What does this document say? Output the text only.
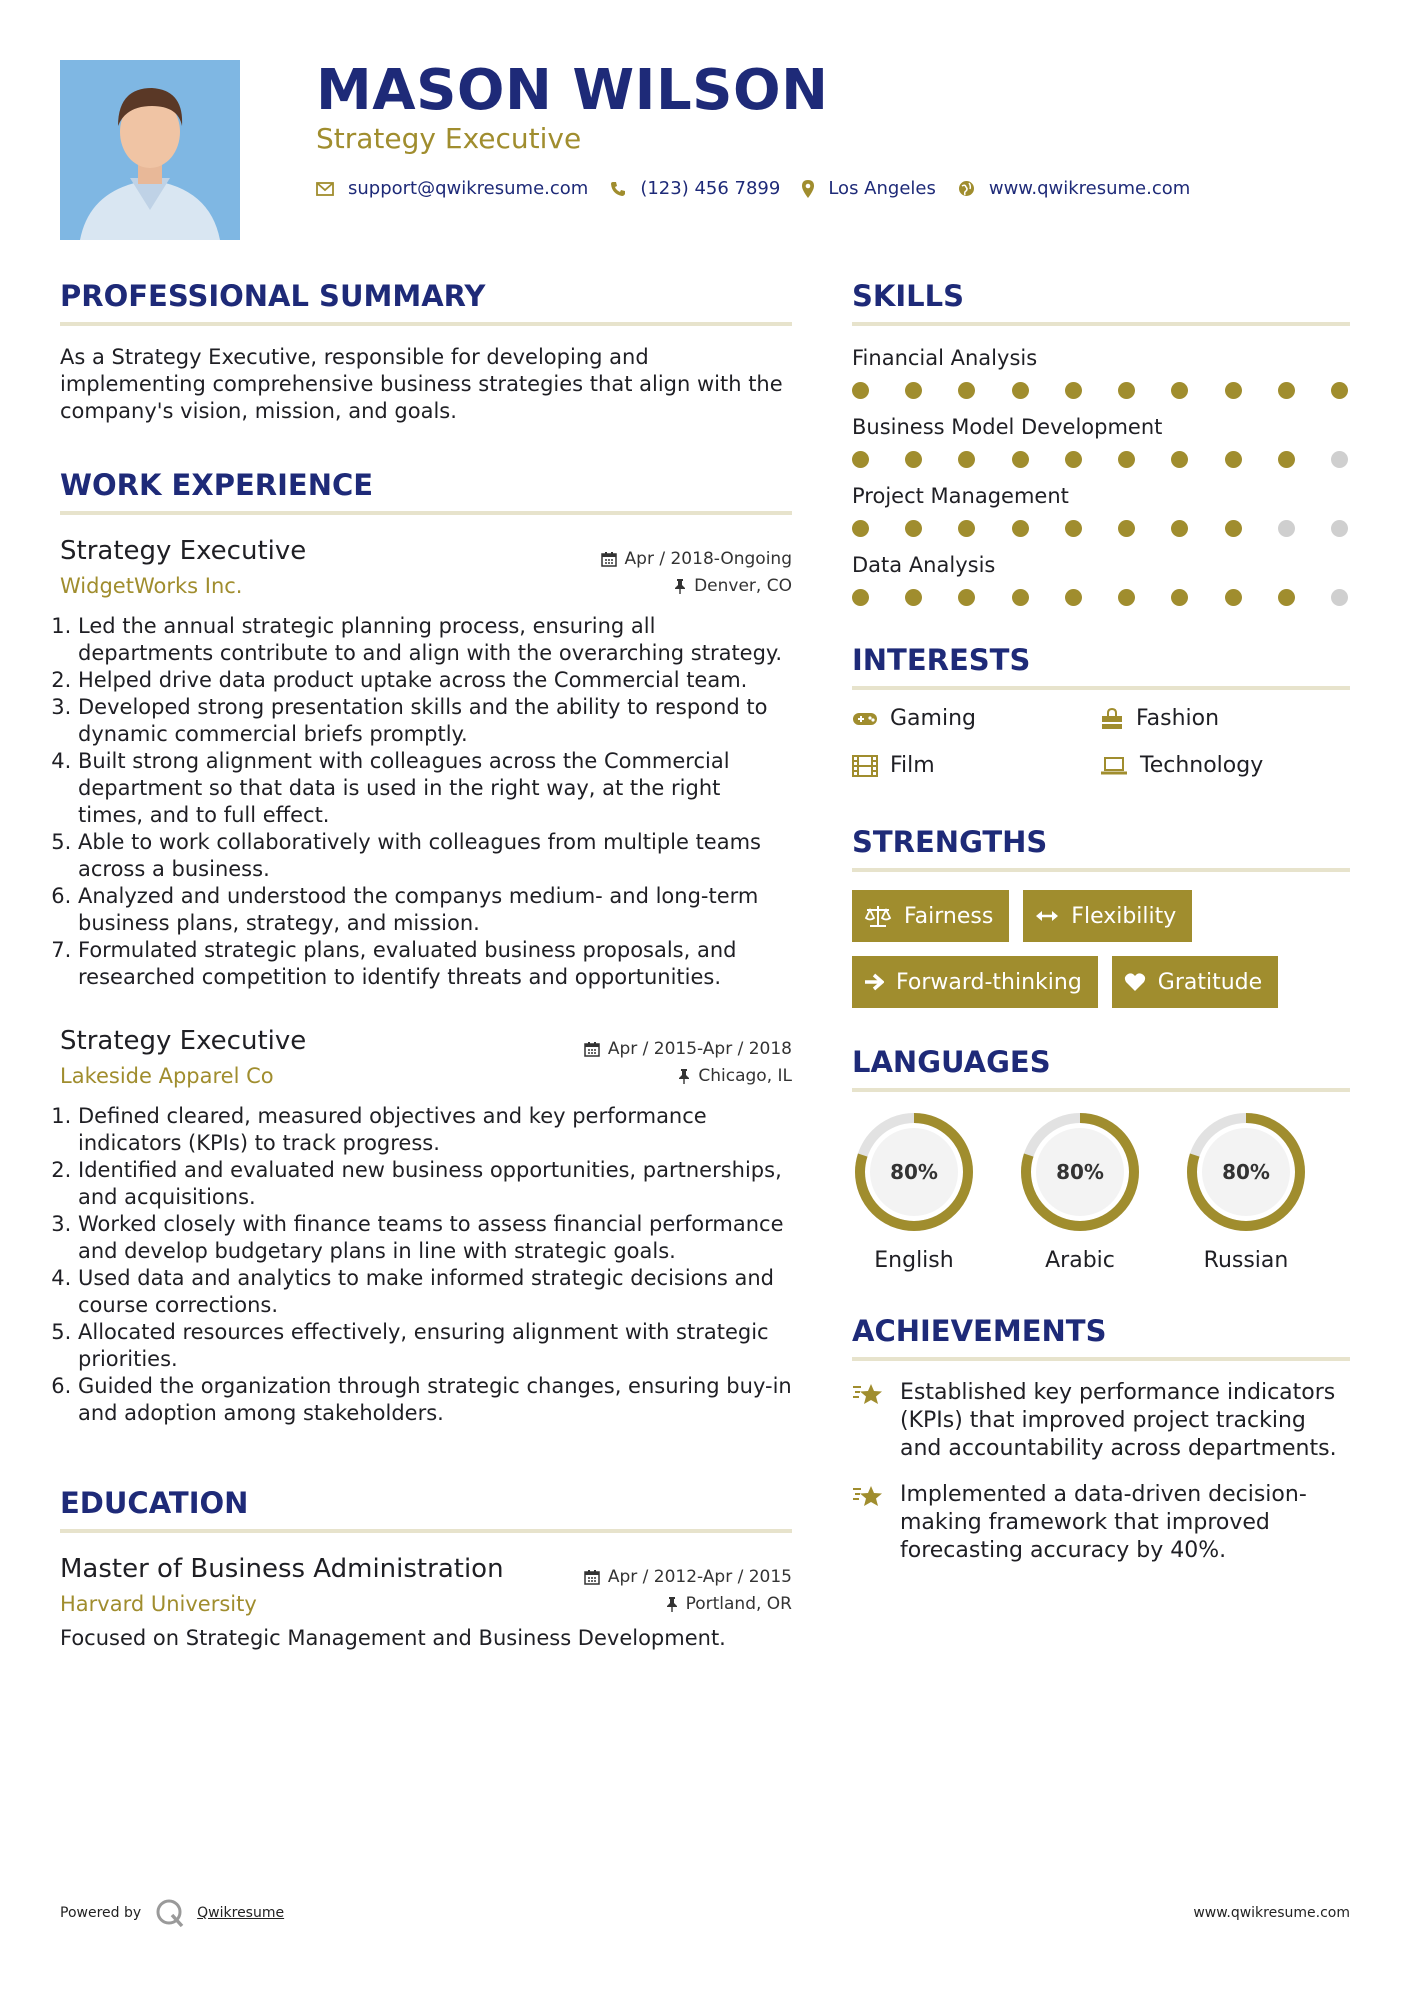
MASON WILSON
Strategy Executive
support@qwikresume.com	(123) 456 7899	Los Angeles	www.qwikresume.com
PROFESSIONAL SUMMARY

As a Strategy Executive, responsible for developing and implementing comprehensive business strategies that align with the company's vision, mission, and goals.

WORK EXPERIENCE
Strategy Executive	Apr / 2018-Ongoing
WidgetWorks Inc.	Denver, CO
1. Led the annual strategic planning process, ensuring all departments contribute to and align with the overarching strategy.
2. Helped drive data product uptake across the Commercial team.
3. Developed strong presentation skills and the ability to respond to dynamic commercial briefs promptly.
4. Built strong alignment with colleagues across the Commercial department so that data is used in the right way, at the right times, and to full effect.
5. Able to work collaboratively with colleagues from multiple teams across a business.
6. Analyzed and understood the companys medium- and long-term business plans, strategy, and mission.
7. Formulated strategic plans, evaluated business proposals, and researched competition to identify threats and opportunities.
Strategy Executive	Apr / 2015-Apr / 2018
Lakeside Apparel Co	Chicago, IL
1. Defined cleared, measured objectives and key performance indicators (KPIs) to track progress.
2. Identified and evaluated new business opportunities, partnerships, and acquisitions.
3. Worked closely with finance teams to assess financial performance and develop budgetary plans in line with strategic goals.
4. Used data and analytics to make informed strategic decisions and course corrections.
5. Allocated resources effectively, ensuring alignment with strategic priorities.
6. Guided the organization through strategic changes, ensuring buy-in and adoption among stakeholders.
EDUCATION
Master of Business Administration	Apr / 2012-Apr / 2015
Harvard University	Portland, OR
Focused on Strategic Management and Business Development.
SKILLS
Financial Analysis
Business Model Development
Project Management
Data Analysis
INTERESTS
Gaming	Fashion
Film	Technology
STRENGTHS
Fairness	Flexibility
Forward-thinking	Gratitude
LANGUAGES
80%
English
80%
Arabic
80%
Russian
ACHIEVEMENTS
Established key performance indicators (KPIs) that improved project tracking and accountability across departments.
Implemented a data-driven decision-making framework that improved forecasting accuracy by 40%.
Powered by	Qwikresume	www.qwikresume.com
